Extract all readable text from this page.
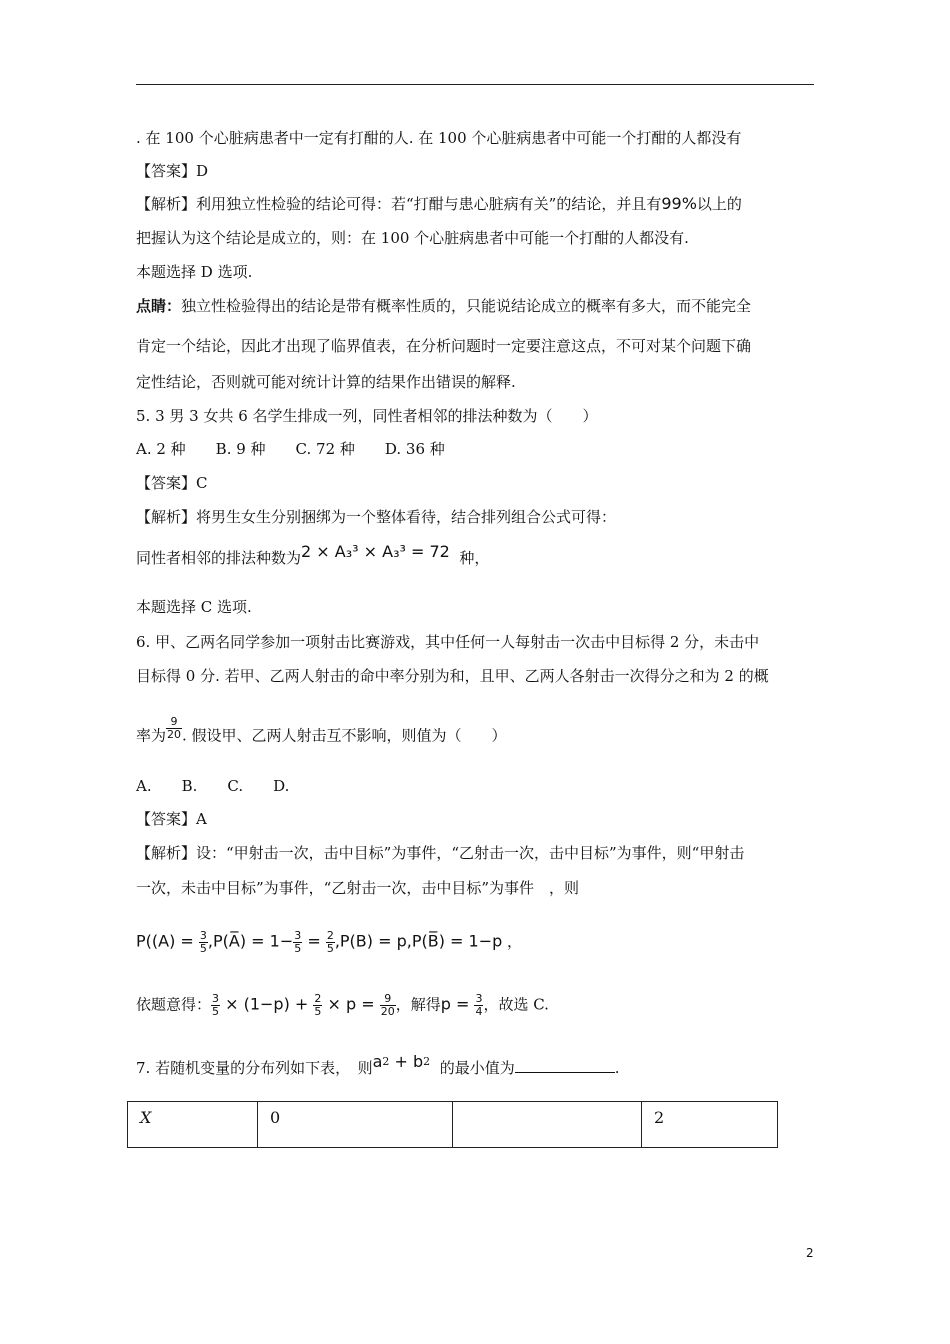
. 在 100 个心脏病患者中一定有打酣的人. 在 100 个心脏病患者中可能一个打酣的人都没有
【答案】D
【解析】利用独立性检验的结论可得：若“打酣与患心脏病有关”的结论，并且有99%以上的
把握认为这个结论是成立的，则：在 100 个心脏病患者中可能一个打酣的人都没有.
本题选择 D 选项.
点睛：独立性检验得出的结论是带有概率性质的，只能说结论成立的概率有多大，而不能完全
肯定一个结论，因此才出现了临界值表，在分析问题时一定要注意这点，不可对某个问题下确
定性结论，否则就可能对统计计算的结果作出错误的解释.
5. 3 男 3 女共 6 名学生排成一列，同性者相邻的排法种数为（　　）
A. 2 种　　B. 9 种　　C. 72 种　　D. 36 种
【答案】C
【解析】将男生女生分别捆绑为一个整体看待，结合排列组合公式可得：
同性者相邻的排法种数为2 × A₃³ × A₃³ = 72 种，
本题选择 C 选项.
6. 甲、乙两名同学参加一项射击比赛游戏，其中任何一人每射击一次击中目标得 2 分，未击中
目标得 0 分. 若甲、乙两人射击的命中率分别为和，且甲、乙两人各射击一次得分之和为 2 的概
率为 $\frac{9}{20}$ . 假设甲、乙两人射击互不影响，则值为（　　）
A.　　B.　　C.　　D.
【答案】A
【解析】设：“甲射击一次，击中目标”为事件，“乙射击一次，击中目标”为事件，则“甲射击
一次，未击中目标”为事件，“乙射击一次，击中目标”为事件　，则
$P((A) = \frac{3}{5}$ ,P(A̅) = $1- \frac{3}{5} = \frac{2}{5} ,P(B)$ = p,P(B̅) = 1−p ，
依题意得： $\frac{3}{5} \times (1-p) + \frac{2}{5} \times p = \frac{9}{20}$ ，解得$p = \frac{3}{4}$ ，故选 C.
7. 若随机变量的分布列如下表，　则$a^2 + b^2$ 的最小值为	.
X	0		2
2
